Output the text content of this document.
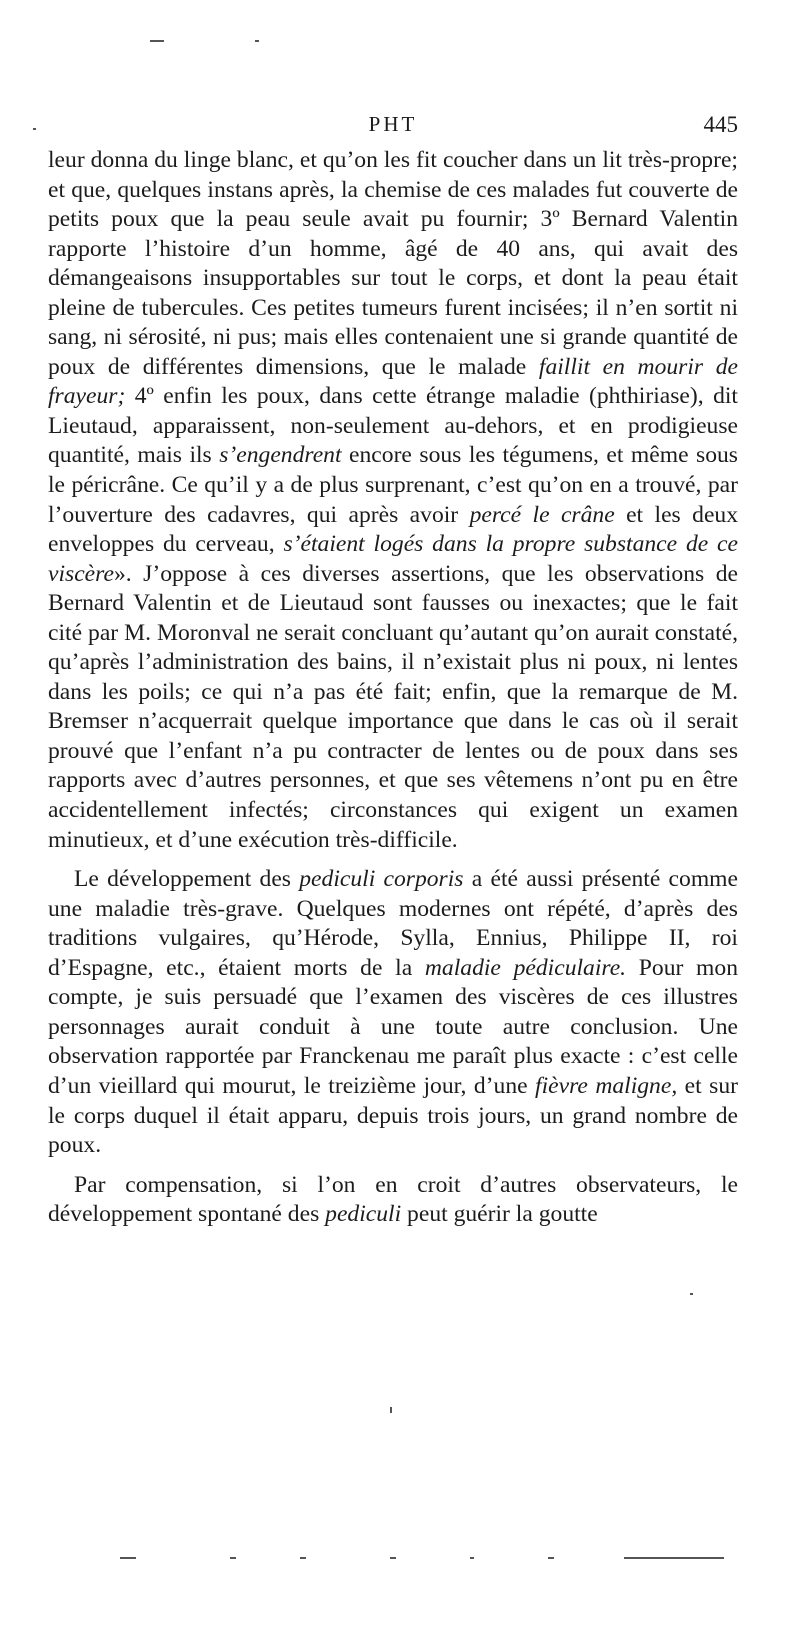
PHT	445

leur donna du linge blanc, et qu’on les fit coucher dans un lit très-propre; et que, quelques instans après, la chemise de ces malades fut couverte de petits poux que la peau seule avait pu fournir; 3º Bernard Valentin rapporte l’histoire d’un homme, âgé de 40 ans, qui avait des démangeaisons insupportables sur tout le corps, et dont la peau était pleine de tubercules. Ces petites tumeurs furent incisées; il n’en sortit ni sang, ni sérosité, ni pus; mais elles contenaient une si grande quantité de poux de différentes dimensions, que le malade faillit en mourir de frayeur; 4º enfin les poux, dans cette étrange maladie (phthiriase), dit Lieutaud, apparaissent, non-seulement au-dehors, et en prodigieuse quantité, mais ils s’engendrent encore sous les tégumens, et même sous le péricrâne. Ce qu’il y a de plus surprenant, c’est qu’on en a trouvé, par l’ouverture des cadavres, qui après avoir percé le crâne et les deux enveloppes du cerveau, s’étaient logés dans la propre substance de ce viscère». J’oppose à ces diverses assertions, que les observations de Bernard Valentin et de Lieutaud sont fausses ou inexactes; que le fait cité par M. Moronval ne serait concluant qu’autant qu’on aurait constaté, qu’après l’administration des bains, il n’existait plus ni poux, ni lentes dans les poils; ce qui n’a pas été fait; enfin, que la remarque de M. Bremser n’acquerrait quelque importance que dans le cas où il serait prouvé que l’enfant n’a pu contracter de lentes ou de poux dans ses rapports avec d’autres personnes, et que ses vêtemens n’ont pu en être accidentellement infectés; circonstances qui exigent un examen minutieux, et d’une exécution très-difficile.

Le développement des pediculi corporis a été aussi présenté comme une maladie très-grave. Quelques modernes ont répété, d’après des traditions vulgaires, qu’Hérode, Sylla, Ennius, Philippe II, roi d’Espagne, etc., étaient morts de la maladie pédiculaire. Pour mon compte, je suis persuadé que l’examen des viscères de ces illustres personnages aurait conduit à une toute autre conclusion. Une observation rapportée par Franckenau me paraît plus exacte : c’est celle d’un vieillard qui mourut, le treizième jour, d’une fièvre maligne, et sur le corps duquel il était apparu, depuis trois jours, un grand nombre de poux.

Par compensation, si l’on en croit d’autres observateurs, le développement spontané des pediculi peut guérir la goutte
